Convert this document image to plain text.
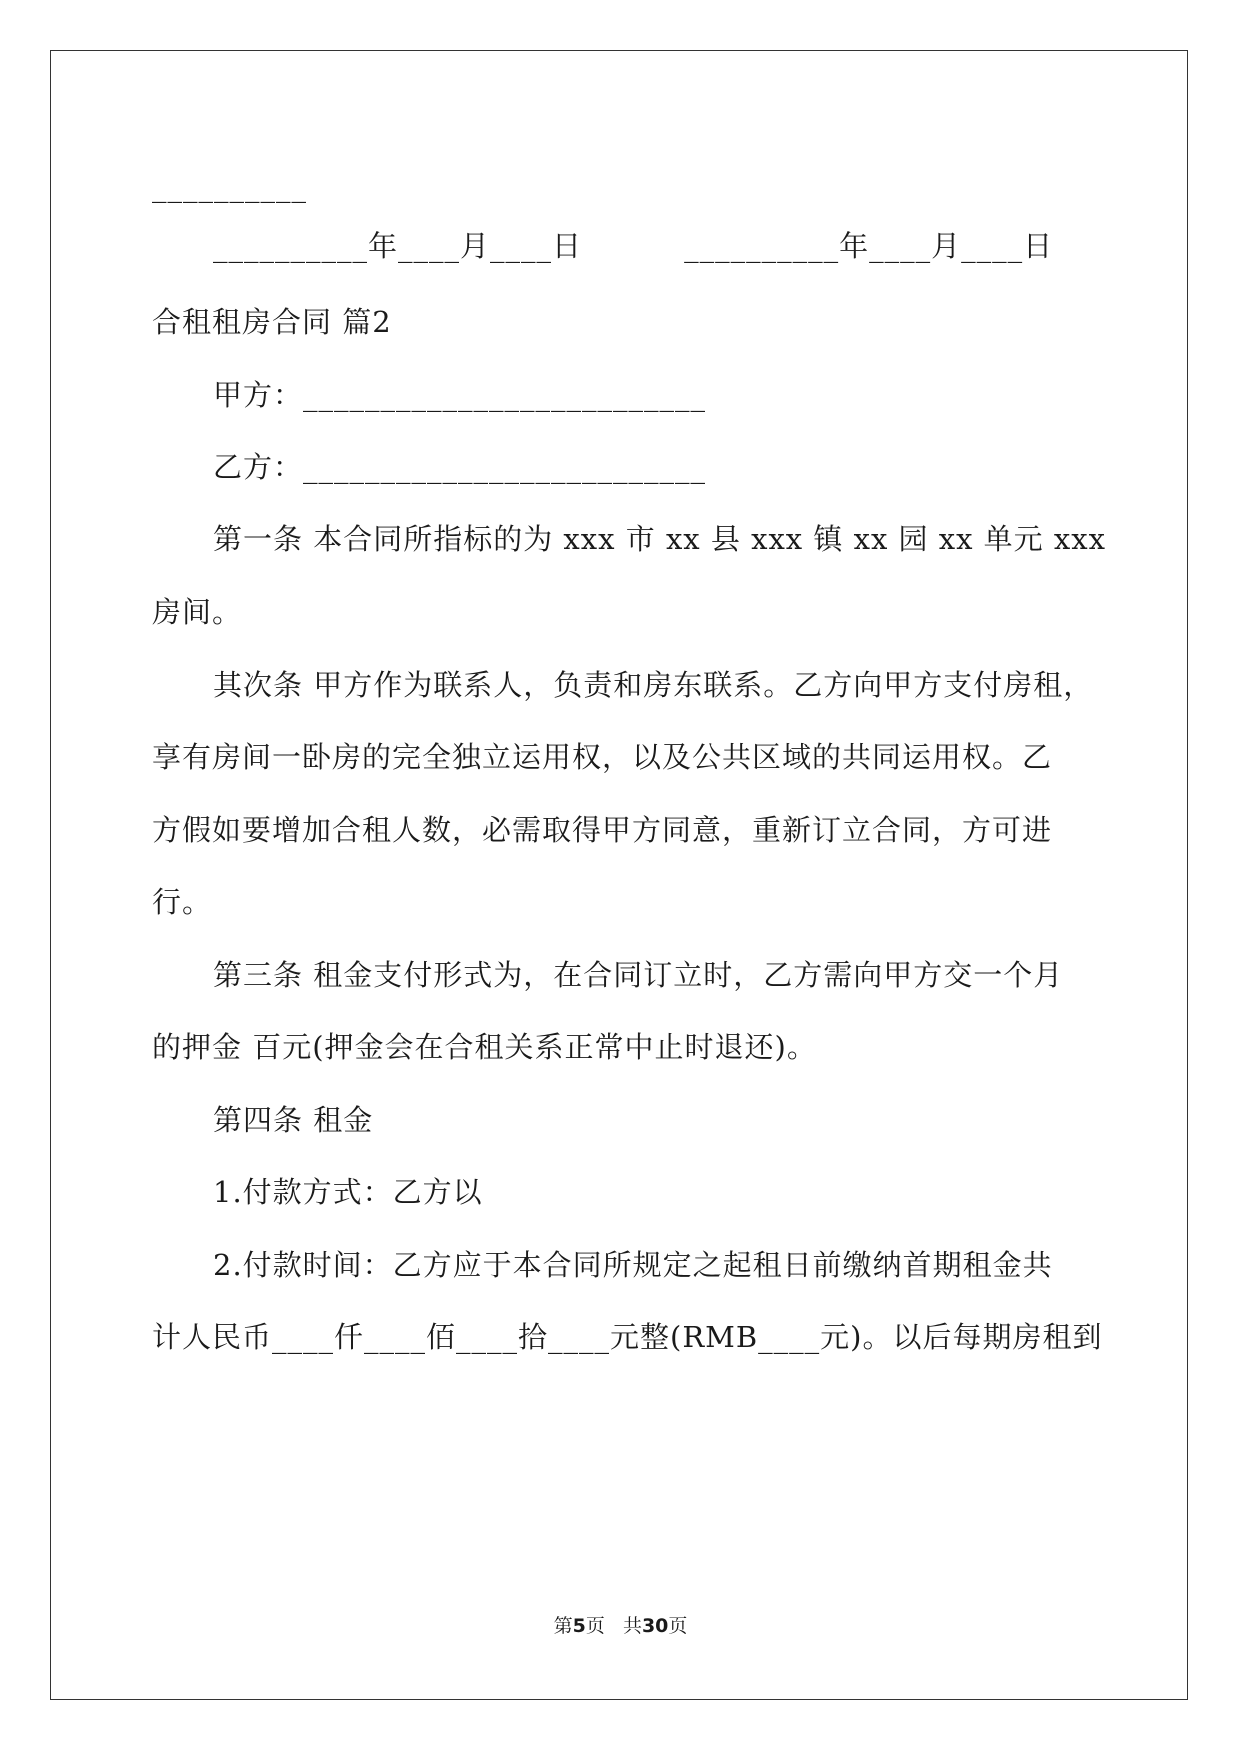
__________
__________年____月____日          __________年____月____日
合租租房合同 篇2
甲方：__________________________
乙方：__________________________
第一条 本合同所指标的为 xxx 市 xx 县 xxx 镇 xx 园 xx 单元 xxx
房间。
其次条 甲方作为联系人，负责和房东联系。乙方向甲方支付房租，
享有房间一卧房的完全独立运用权，以及公共区域的共同运用权。乙
方假如要增加合租人数，必需取得甲方同意，重新订立合同，方可进
行。
第三条 租金支付形式为，在合同订立时，乙方需向甲方交一个月
的押金 百元(押金会在合租关系正常中止时退还)。
第四条 租金
1.付款方式：乙方以
2.付款时间：乙方应于本合同所规定之起租日前缴纳首期租金共
计人民币____仟____佰____拾____元整(RMB____元)。以后每期房租到
第5页   共30页
